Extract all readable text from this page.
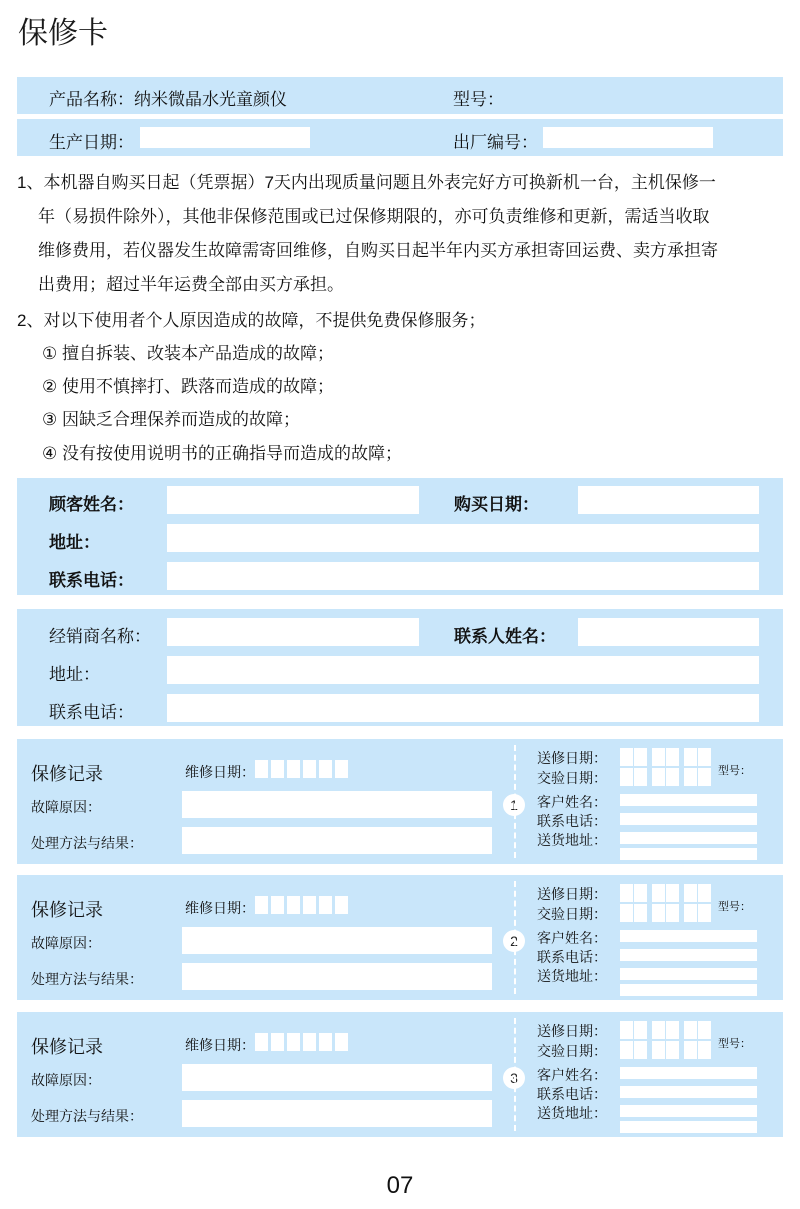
保修卡
产品名称：纳米微晶水光童颜仪	型号：
生产日期：	出厂编号：
1、本机器自购买日起（凭票据）7天内出现质量问题且外表完好方可换新机一台，主机保修一
年（易损件除外），其他非保修范围或已过保修期限的，亦可负责维修和更新，需适当收取
维修费用，若仪器发生故障需寄回维修，自购买日起半年内买方承担寄回运费、卖方承担寄
出费用；超过半年运费全部由买方承担。
2、对以下使用者个人原因造成的故障，不提供免费保修服务；
① 擅自拆装、改装本产品造成的故障；
② 使用不慎摔打、跌落而造成的故障；
③ 因缺乏合理保养而造成的故障；
④ 没有按使用说明书的正确指导而造成的故障；
顾客姓名：	购买日期：
地址：
联系电话：
经销商名称：	联系人姓名：
地址：
联系电话：
保修记录	维修日期：
故障原因：
处理方法与结果：
1
送修日期：
交验日期：	型号：
客户姓名：
联系电话：
送货地址：
保修记录	维修日期：
故障原因：
处理方法与结果：
2
送修日期：
交验日期：	型号：
客户姓名：
联系电话：
送货地址：
保修记录	维修日期：
故障原因：
处理方法与结果：
3
送修日期：
交验日期：	型号：
客户姓名：
联系电话：
送货地址：
07
